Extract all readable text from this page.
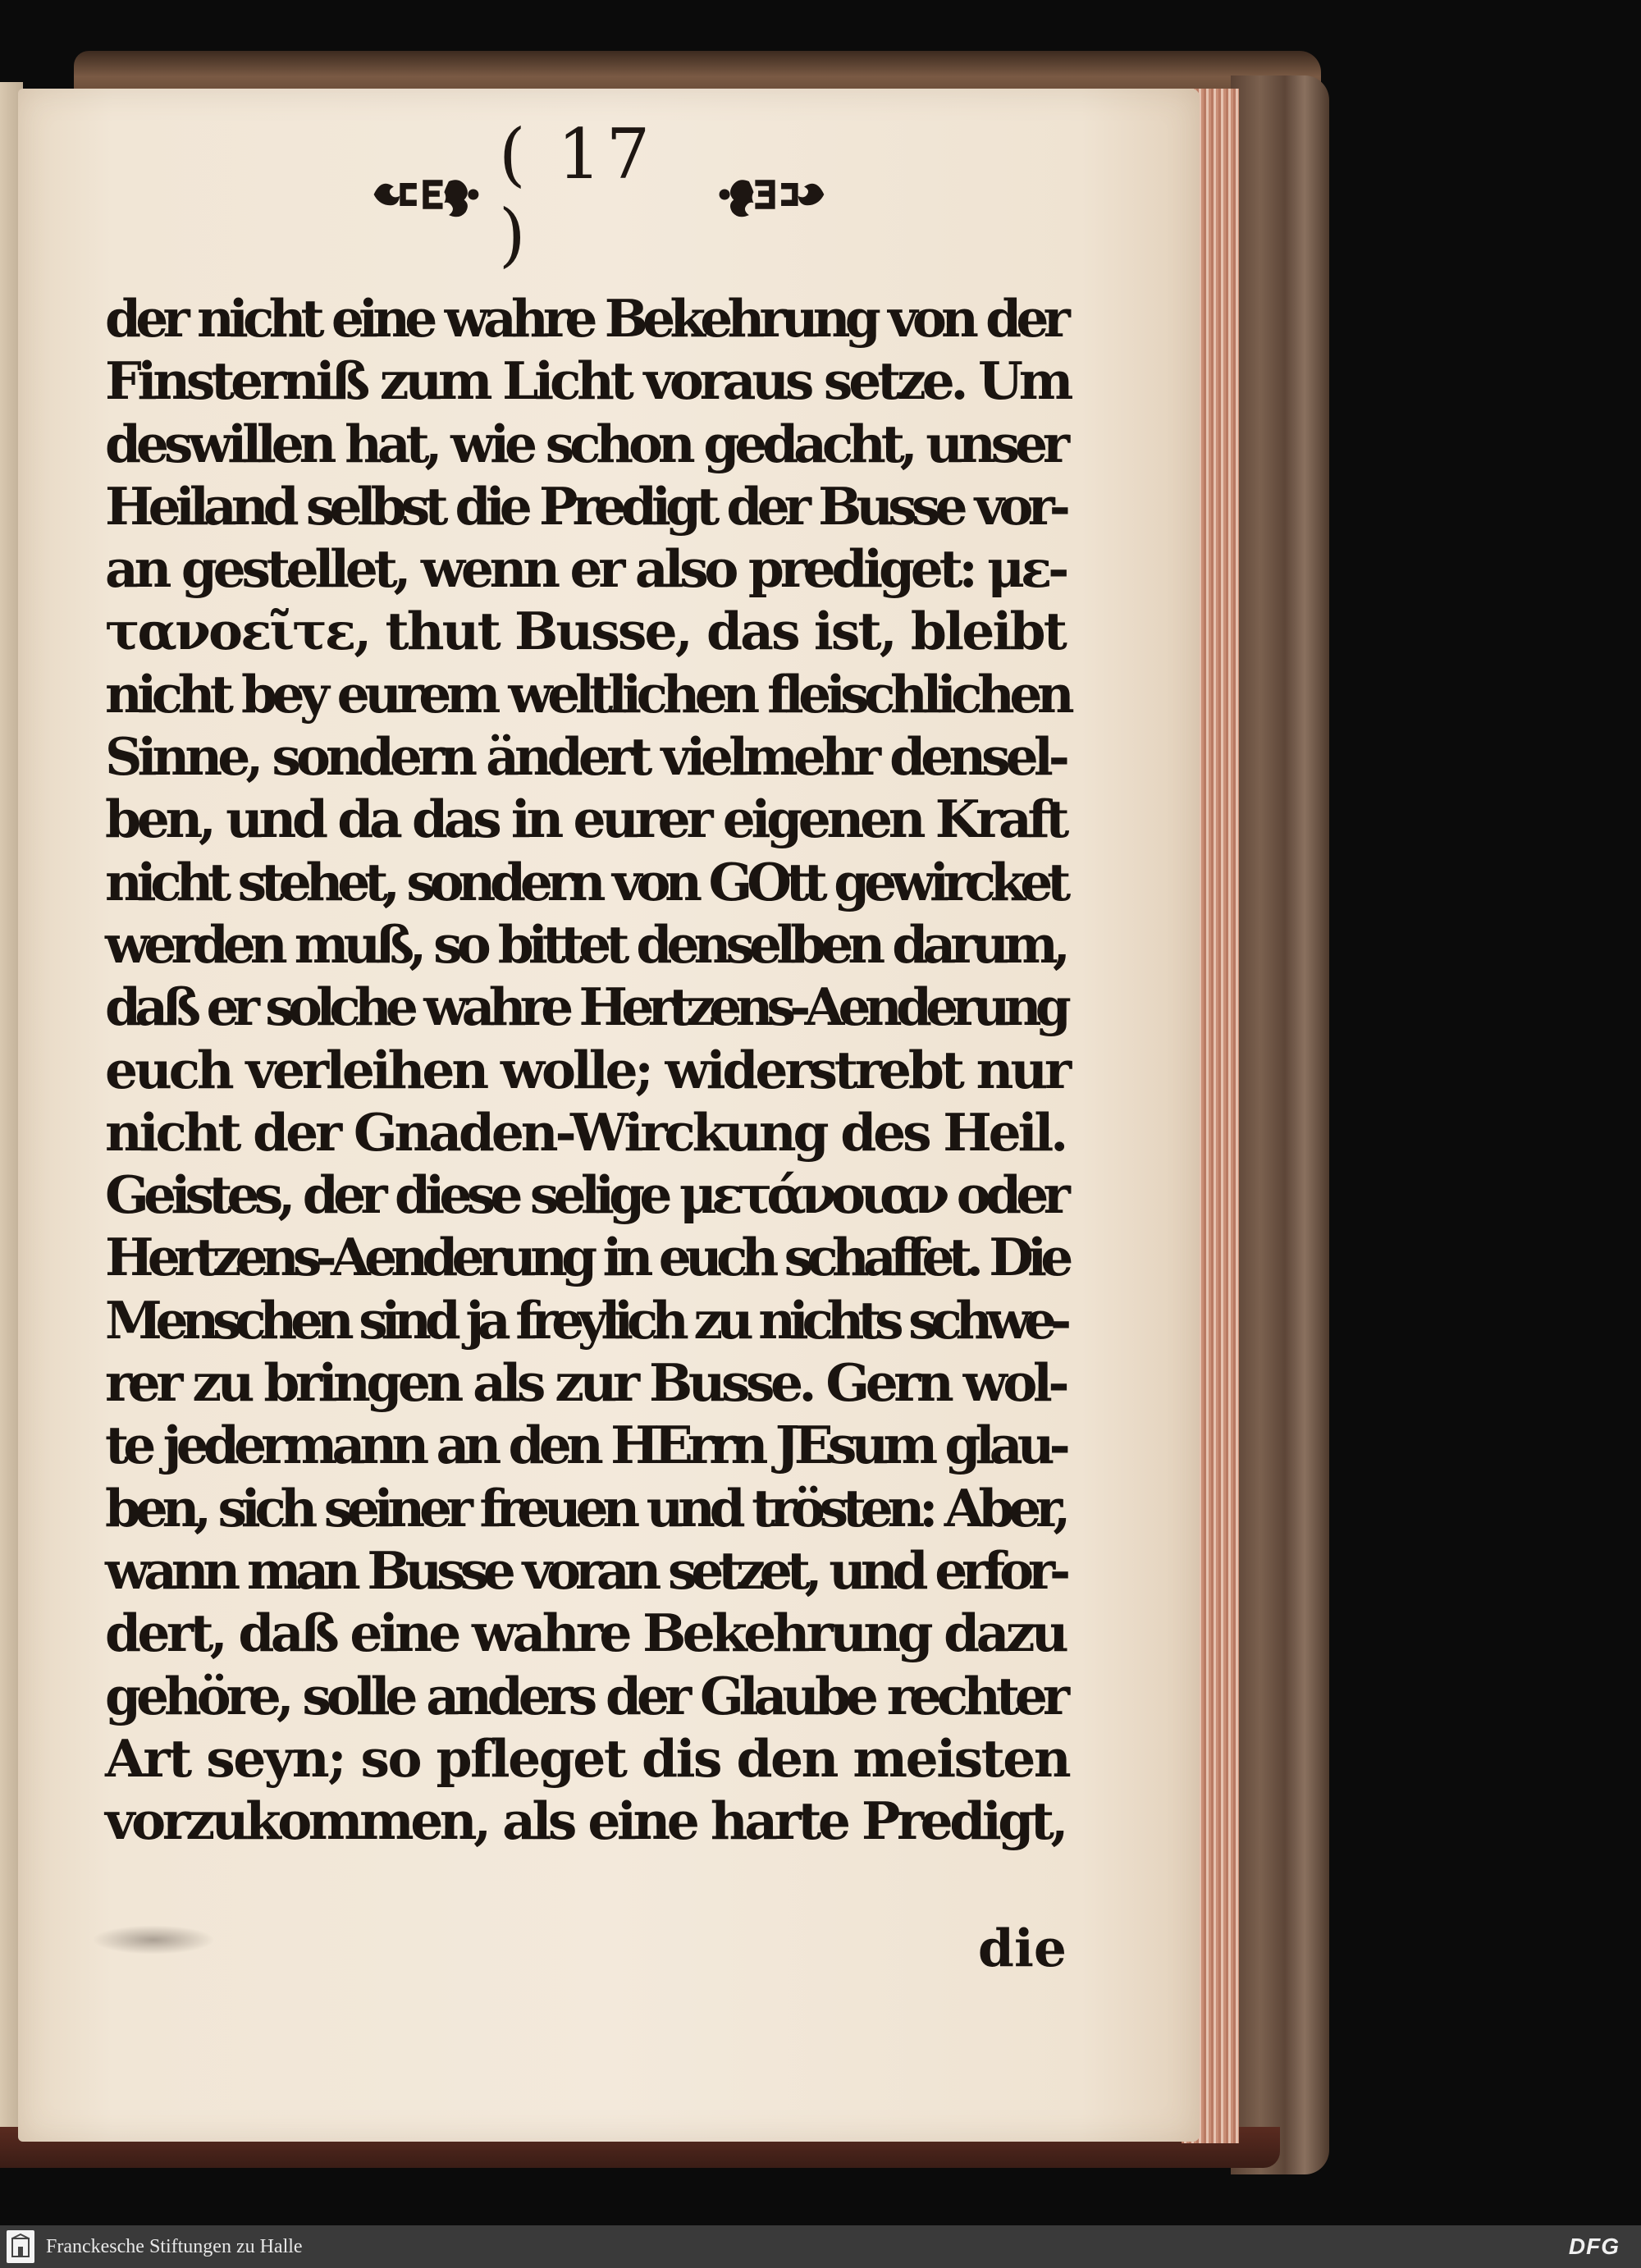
( 17 )
der nicht eine wahre Bekehrung von der
Finsterniß zum Licht voraus setze. Um
deswillen hat, wie schon gedacht, unser
Heiland selbst die Predigt der Busse vor-
an gestellet, wenn er also prediget: με-
τανοεῖτε, thut Busse, das ist, bleibt
nicht bey eurem weltlichen fleischlichen
Sinne, sondern ändert vielmehr densel-
ben, und da das in eurer eigenen Kraft
nicht stehet, sondern von GOtt gewircket
werden muß, so bittet denselben darum,
daß er solche wahre Hertzens-Aenderung
euch verleihen wolle; widerstrebt nur
nicht der Gnaden-Wirckung des Heil.
Geistes, der diese selige μετάνοιαν oder
Hertzens-Aenderung in euch schaffet. Die
Menschen sind ja freylich zu nichts schwe-
rer zu bringen als zur Busse. Gern wol-
te jedermann an den HErrn JEsum glau-
ben, sich seiner freuen und trösten: Aber,
wann man Busse voran setzet, und erfor-
dert, daß eine wahre Bekehrung dazu
gehöre, solle anders der Glaube rechter
Art seyn; so pfleget dis den meisten
vorzukommen, als eine harte Predigt,
die
Franckesche Stiftungen zu Halle	DFG
